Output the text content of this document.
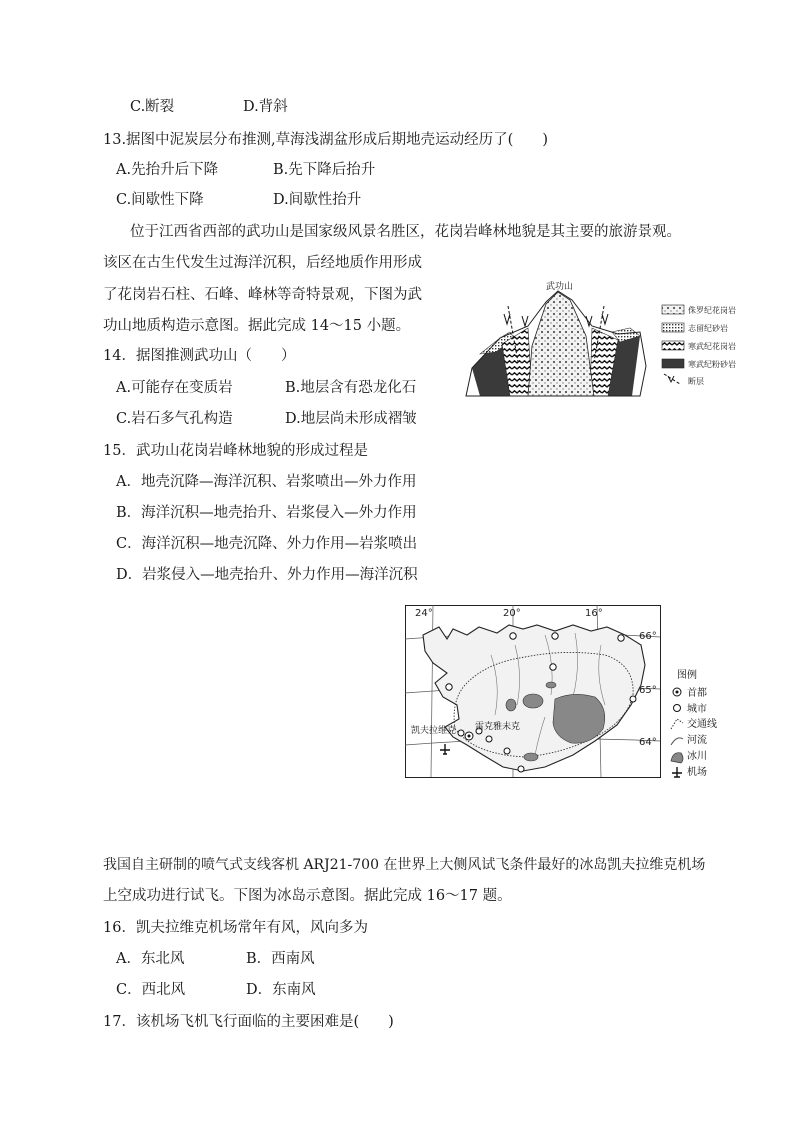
C.断裂	D.背斜
13.据图中泥炭层分布推测,草海浅湖盆形成后期地壳运动经历了(　　)
A.先抬升后下降	B.先下降后抬升
C.间歇性下降	D.间歇性抬升
位于江西省西部的武功山是国家级风景名胜区，花岗岩峰林地貌是其主要的旅游景观。
该区在古生代发生过海洋沉积，后经地质作用形成
了花岗岩石柱、石峰、峰林等奇特景观，下图为武
功山地质构造示意图。据此完成 14～15 小题。
武功山
侏罗纪花岗岩
志留纪砂岩
寒武纪花岗岩
寒武纪粉砂岩
断层
14．据图推测武功山（　　）
A.可能存在变质岩	B.地层含有恐龙化石
C.岩石多气孔构造	D.地层尚未形成褶皱
15．武功山花岗岩峰林地貌的形成过程是
A．地壳沉降—海洋沉积、岩浆喷出—外力作用
B．海洋沉积—地壳抬升、岩浆侵入—外力作用
C．海洋沉积—地壳沉降、外力作用—岩浆喷出
D．岩浆侵入—地壳抬升、外力作用—海洋沉积
24°	20°	16°
66°
65°
64°
凯夫拉维克 雷克雅未克
图例
首都
城市
交通线
河流
冰川
机场
我国自主研制的喷气式支线客机 ARJ21-700 在世界上大侧风试飞条件最好的冰岛凯夫拉维克机场
上空成功进行试飞。下图为冰岛示意图。据此完成 16～17 题。
16．凯夫拉维克机场常年有风，风向多为
A．东北风	B．西南风
C．西北风	D．东南风
17．该机场飞机飞行面临的主要困难是(　　)
